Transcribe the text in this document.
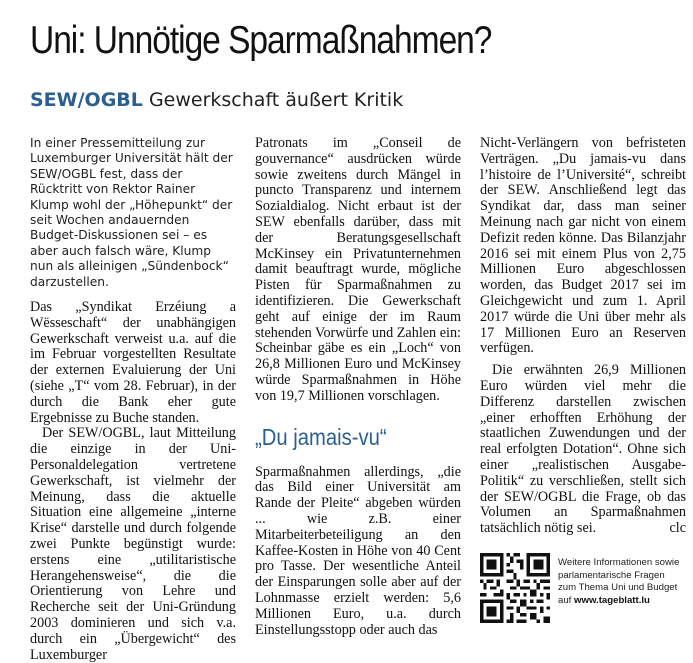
Uni: Unnötige Sparmaßnahmen?
SEW/OGBL Gewerkschaft äußert Kritik

In einer Pressemitteilung zur Luxemburger Universität hält der SEW/OGBL fest, dass der Rücktritt von Rektor Rainer Klump wohl der „Höhepunkt“ der seit Wochen andauernden Budget-Diskussionen sei – es aber auch falsch wäre, Klump nun als alleinigen „Sündenbock“ darzustellen.

Das „Syndikat Erzéiung a Wësseschaft“ der unabhängigen Gewerkschaft verweist u.a. auf die im Februar vorgestellten Resultate der externen Evaluierung der Uni (siehe „T“ vom 28. Februar), in der durch die Bank eher gute Ergebnisse zu Buche standen.

Der SEW/OGBL, laut Mitteilung die einzige in der Uni-Personaldelegation vertretene Gewerkschaft, ist vielmehr der Meinung, dass die aktuelle Situation eine allgemeine „interne Krise“ darstelle und durch folgende zwei Punkte begünstigt wurde: erstens eine „utilitaristische Herangehensweise“, die die Orientierung von Lehre und Recherche seit der Uni-Gründung 2003 dominieren und sich v.a. durch ein „Übergewicht“ des Luxemburger

Patronats im „Conseil de gouvernance“ ausdrücken würde sowie zweitens durch Mängel in puncto Transparenz und internem Sozialdialog. Nicht erbaut ist der SEW ebenfalls darüber, dass mit der Beratungsgesellschaft McKinsey ein Privatunternehmen damit beauftragt wurde, mögliche Pisten für Sparmaßnahmen zu identifizieren. Die Gewerkschaft geht auf einige der im Raum stehenden Vorwürfe und Zahlen ein: Scheinbar gäbe es ein „Loch“ von 26,8 Millionen Euro und McKinsey würde Sparmaßnahmen in Höhe von 19,7 Millionen vorschlagen.

„Du jamais-vu“

Sparmaßnahmen allerdings, „die das Bild einer Universität am Rande der Pleite“ abgeben würden ... wie z.B. einer Mitarbeiterbeteiligung an den Kaffee-Kosten in Höhe von 40 Cent pro Tasse. Der wesentliche Anteil der Einsparungen solle aber auf der Lohnmasse erzielt werden: 5,6 Millionen Euro, u.a. durch Einstellungsstopp oder auch das

Nicht-Verlängern von befristeten Verträgen. „Du jamais-vu dans l’histoire de l’Université“, schreibt der SEW. Anschließend legt das Syndikat dar, dass man seiner Meinung nach gar nicht von einem Defizit reden könne. Das Bilanzjahr 2016 sei mit einem Plus von 2,75 Millionen Euro abgeschlossen worden, das Budget 2017 sei im Gleichgewicht und zum 1. April 2017 würde die Uni über mehr als 17 Millionen Euro an Reserven verfügen.

Die erwähnten 26,9 Millionen Euro würden viel mehr die Differenz darstellen zwischen „einer erhofften Erhöhung der staatlichen Zuwendungen und der real erfolgten Dotation“. Ohne sich einer „realistischen Ausgabe-Politik“ zu verschließen, stellt sich der SEW/OGBL die Frage, ob das Volumen an Sparmaßnahmen tatsächlich nötig sei.	clc

Weitere Informationen sowie parlamentarische Fragen zum Thema Uni und Budget auf www.tageblatt.lu
